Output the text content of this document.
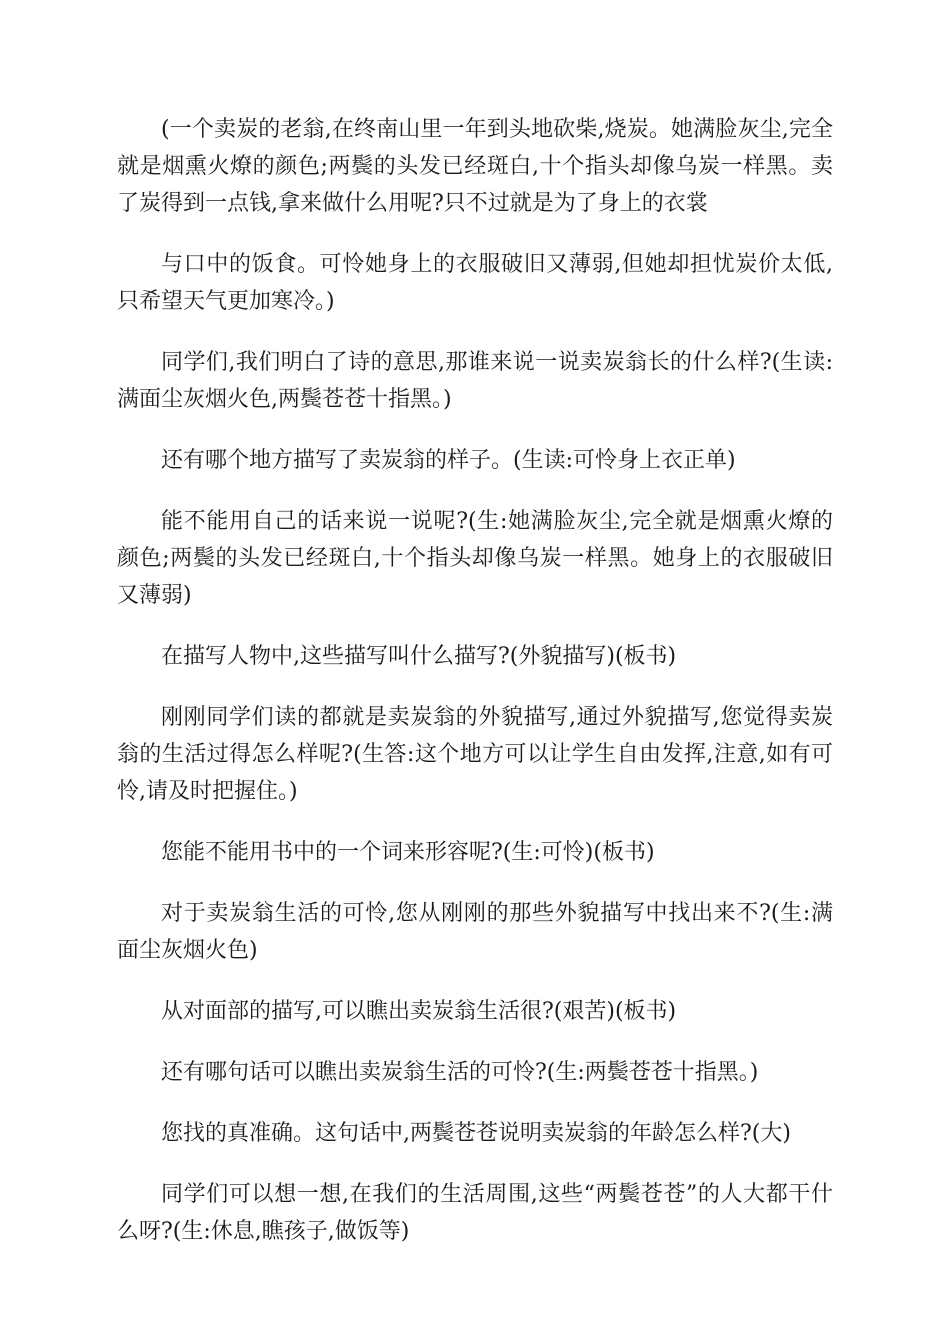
(一个卖炭的老翁,在终南山里一年到头地砍柴,烧炭。她满脸灰尘,完全就是烟熏火燎的颜色;两鬓的头发已经斑白,十个指头却像乌炭一样黑。卖了炭得到一点钱,拿来做什么用呢?只不过就是为了身上的衣裳

与口中的饭食。可怜她身上的衣服破旧又薄弱,但她却担忧炭价太低,只希望天气更加寒冷。)

同学们,我们明白了诗的意思,那谁来说一说卖炭翁长的什么样?(生读:满面尘灰烟火色,两鬓苍苍十指黑。)

还有哪个地方描写了卖炭翁的样子。(生读:可怜身上衣正单)

能不能用自己的话来说一说呢?(生:她满脸灰尘,完全就是烟熏火燎的颜色;两鬓的头发已经斑白,十个指头却像乌炭一样黑。她身上的衣服破旧又薄弱)

在描写人物中,这些描写叫什么描写?(外貌描写)(板书)

刚刚同学们读的都就是卖炭翁的外貌描写,通过外貌描写,您觉得卖炭翁的生活过得怎么样呢?(生答:这个地方可以让学生自由发挥,注意,如有可怜,请及时把握住。)

您能不能用书中的一个词来形容呢?(生:可怜)(板书)

对于卖炭翁生活的可怜,您从刚刚的那些外貌描写中找出来不?(生:满面尘灰烟火色)

从对面部的描写,可以瞧出卖炭翁生活很?(艰苦)(板书)

还有哪句话可以瞧出卖炭翁生活的可怜?(生:两鬓苍苍十指黑。)

您找的真准确。这句话中,两鬓苍苍说明卖炭翁的年龄怎么样?(大)

同学们可以想一想,在我们的生活周围,这些“两鬓苍苍”的人大都干什么呀?(生:休息,瞧孩子,做饭等)
